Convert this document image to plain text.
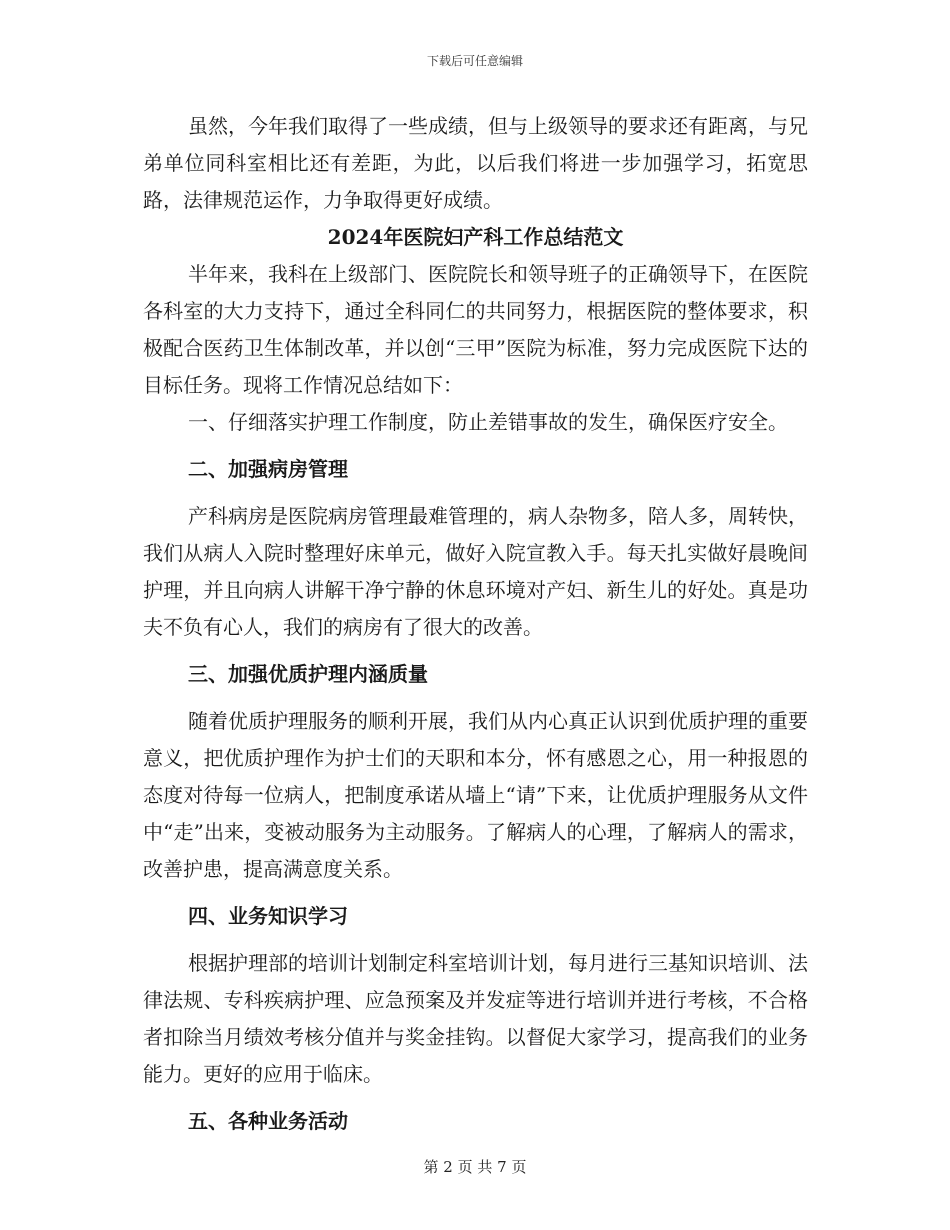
下载后可任意编辑

虽然，今年我们取得了一些成绩，但与上级领导的要求还有距离，与兄弟单位同科室相比还有差距，为此，以后我们将进一步加强学习，拓宽思路，法律规范运作，力争取得更好成绩。

2024年医院妇产科工作总结范文

半年来，我科在上级部门、医院院长和领导班子的正确领导下，在医院各科室的大力支持下，通过全科同仁的共同努力，根据医院的整体要求，积极配合医药卫生体制改革，并以创“三甲”医院为标准，努力完成医院下达的目标任务。现将工作情况总结如下：

一、仔细落实护理工作制度，防止差错事故的发生，确保医疗安全。

二、加强病房管理

产科病房是医院病房管理最难管理的，病人杂物多，陪人多，周转快，我们从病人入院时整理好床单元，做好入院宣教入手。每天扎实做好晨晚间护理，并且向病人讲解干净宁静的休息环境对产妇、新生儿的好处。真是功夫不负有心人，我们的病房有了很大的改善。

三、加强优质护理内涵质量

随着优质护理服务的顺利开展，我们从内心真正认识到优质护理的重要意义，把优质护理作为护士们的天职和本分，怀有感恩之心，用一种报恩的态度对待每一位病人，把制度承诺从墙上“请”下来，让优质护理服务从文件中“走”出来，变被动服务为主动服务。了解病人的心理，了解病人的需求，改善护患，提高满意度关系。

四、业务知识学习

根据护理部的培训计划制定科室培训计划，每月进行三基知识培训、法律法规、专科疾病护理、应急预案及并发症等进行培训并进行考核，不合格者扣除当月绩效考核分值并与奖金挂钩。以督促大家学习，提高我们的业务能力。更好的应用于临床。

五、各种业务活动

第 2 页 共 7 页
